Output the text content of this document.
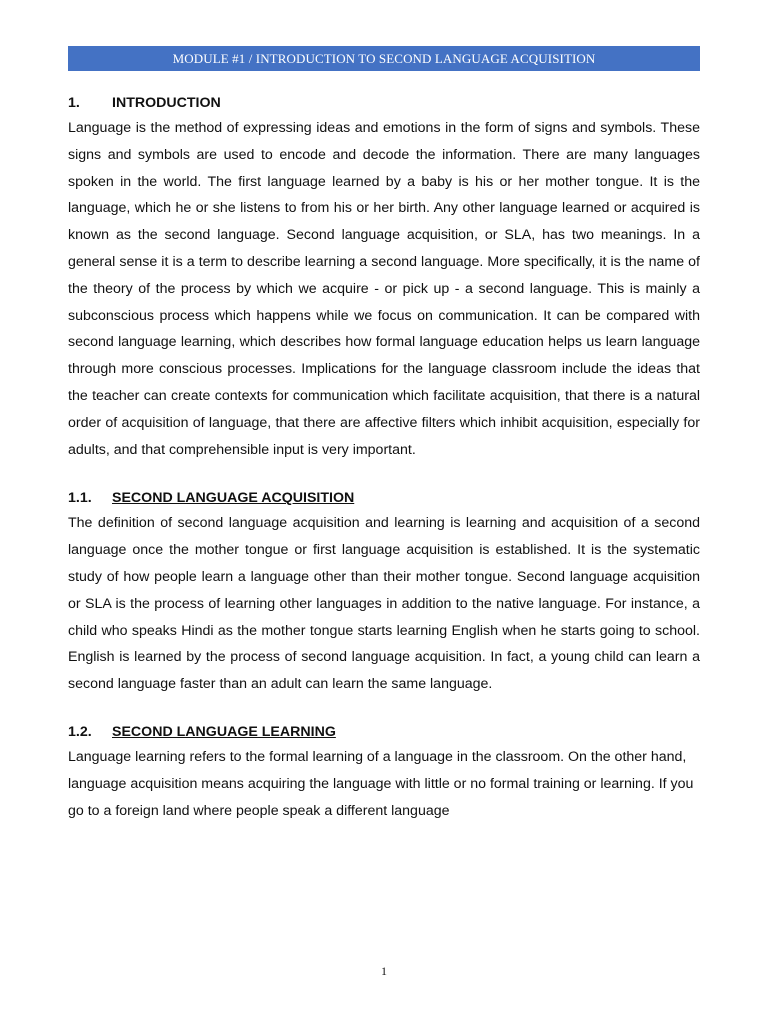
MODULE #1 / INTRODUCTION TO SECOND LANGUAGE ACQUISITION
1. INTRODUCTION

Language is the method of expressing ideas and emotions in the form of signs and symbols. These signs and symbols are used to encode and decode the information. There are many languages spoken in the world. The first language learned by a baby is his or her mother tongue. It is the language, which he or she listens to from his or her birth. Any other language learned or acquired is known as the second language. Second language acquisition, or SLA, has two meanings. In a general sense it is a term to describe learning a second language. More specifically, it is the name of the theory of the process by which we acquire - or pick up - a second language. This is mainly a subconscious process which happens while we focus on communication. It can be compared with second language learning, which describes how formal language education helps us learn language through more conscious processes. Implications for the language classroom include the ideas that the teacher can create contexts for communication which facilitate acquisition, that there is a natural order of acquisition of language, that there are affective filters which inhibit acquisition, especially for adults, and that comprehensible input is very important.

1.1. SECOND LANGUAGE ACQUISITION

The definition of second language acquisition and learning is learning and acquisition of a second language once the mother tongue or first language acquisition is established. It is the systematic study of how people learn a language other than their mother tongue. Second language acquisition or SLA is the process of learning other languages in addition to the native language. For instance, a child who speaks Hindi as the mother tongue starts learning English when he starts going to school. English is learned by the process of second language acquisition. In fact, a young child can learn a second language faster than an adult can learn the same language.

1.2. SECOND LANGUAGE LEARNING

Language learning refers to the formal learning of a language in the classroom. On the other hand, language acquisition means acquiring the language with little or no formal training or learning. If you go to a foreign land where people speak a different language

1
